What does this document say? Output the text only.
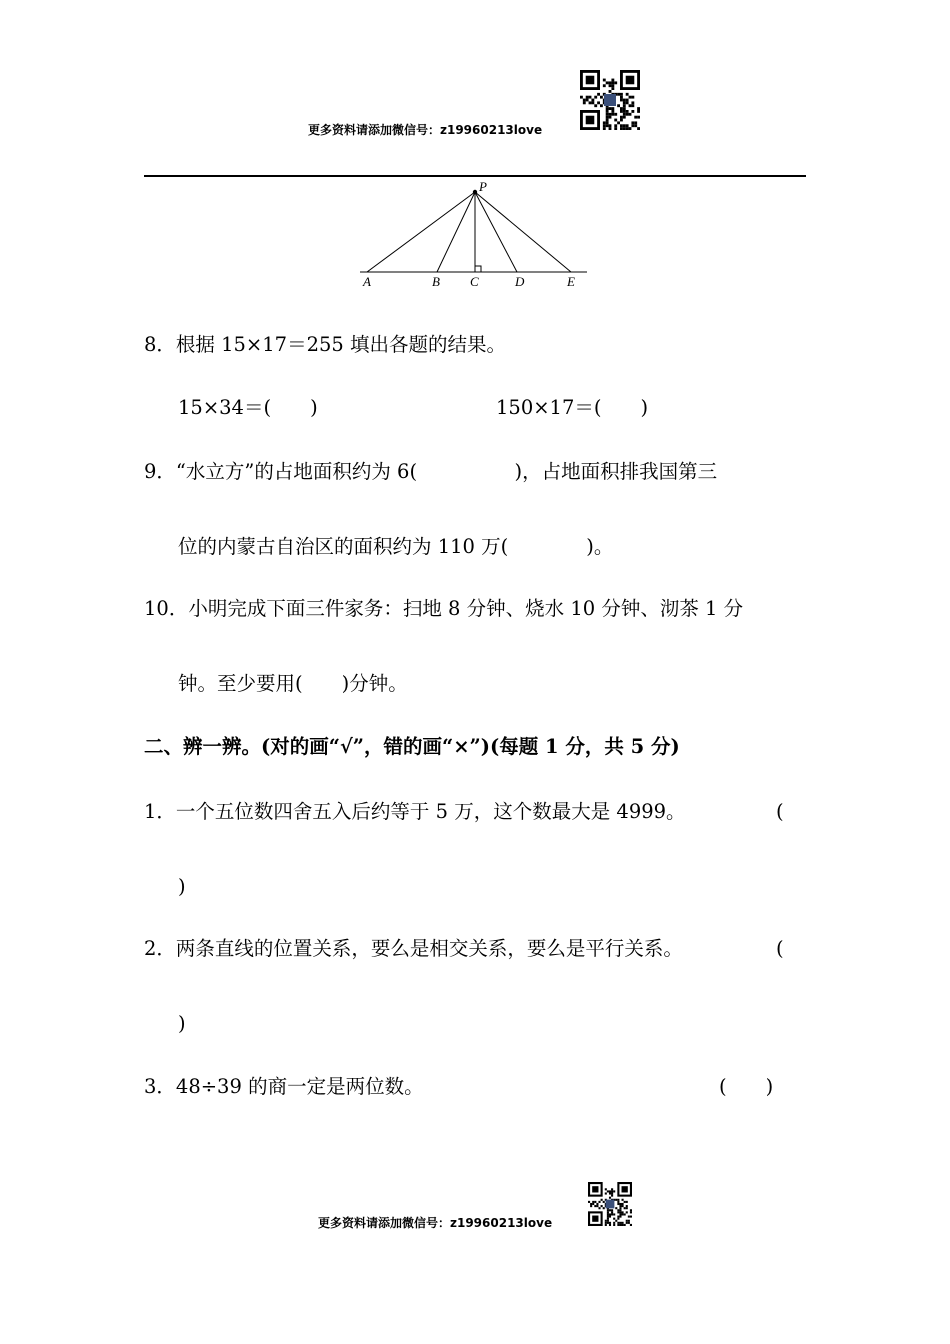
更多资料请添加微信号：z19960213love
P
A	B C	D	E
8．根据 15×17＝255 填出各题的结果。
15×34＝(　　)	150×17＝(　　)
9．“水立方”的占地面积约为 6(　　　　　)，占地面积排我国第三
位的内蒙古自治区的面积约为 110 万(　　　　)。
10．小明完成下面三件家务：扫地 8 分钟、烧水 10 分钟、沏茶 1 分
钟。至少要用(　　)分钟。
二、辨一辨。(对的画“√”，错的画“×”)(每题 1 分，共 5 分)
1．一个五位数四舍五入后约等于 5 万，这个数最大是 4999。	(
)
2．两条直线的位置关系，要么是相交关系，要么是平行关系。	(
)
3．48÷39 的商一定是两位数。	(　　)
更多资料请添加微信号：z19960213love
